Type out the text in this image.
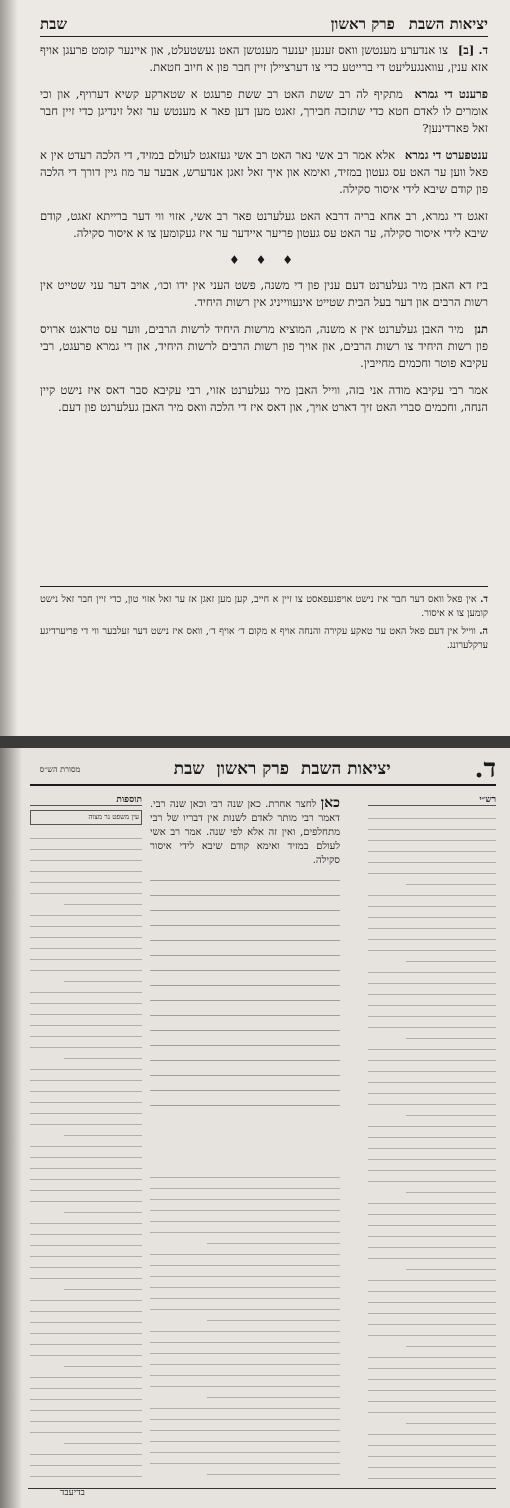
יציאות השבת
פרק ראשון
שבת

ד. [ב] צו אנדערע מענטשן וואס זענען יענער מענטשן האט נעשטעלט, און איינער קומט פרעגן אויף אזא ענין, עוואנגעליעט די ברייטע כדי צו דערציילן זיין חבר פון א חיוב חטאת.

פרענט די גמרא מתקיף לה רב ששת האט רב ששת פרעגט א שטארקע קשיא דערויף, און וכי אומרים לו לאדם חטא כדי שתזכה חבירך, זאגט מען דען פאר א מענטש ער זאל זינדיגן כדי זיין חבר זאל פארדינען?

ענטפערט די גמרא אלא אמר רב אשי נאר האט רב אשי געזאגט לעולם במזיד, די הלכה רעדט אין א פאל ווען ער האט עס געטון במזיד, ואימא און איך זאל זאגן אנדערש, אבער ער מוז גיין דורך די הלכה פון קודם שיבא לידי איסור סקילה.

זאגט די גמרא, רב אחא בריה דרבא האט געלערנט פאר רב אשי, אזוי ווי דער ברייתא זאגט, קודם שיבא לידי איסור סקילה, ער האט עס געטון פריער איידער ער איז געקומען צו א איסור סקילה.

♦ ♦ ♦

ביז דא האבן מיר געלערנט דעם ענין פון די משנה, פשט העני אין ידו וכו׳, אויב דער עני שטייט אין רשות הרבים און דער בעל הבית שטייט אינעווייניג אין רשות היחיד.

תנן מיר האבן געלערנט אין א משנה, המוציא מרשות היחיד לרשות הרבים, ווער עס טראגט ארויס פון רשות היחיד צו רשות הרבים, און אויך פון רשות הרבים לרשות היחיד, און די גמרא פרעגט, רבי עקיבא פוטר וחכמים מחייבין.

אמר רבי עקיבא מודה אני בזה, ווייל האבן מיר געלערנט אזוי, רבי עקיבא סבר דאס איז נישט קיין הנחה, וחכמים סברי האט זיך דארט אויך, און דאס איז די הלכה וואס מיר האבן געלערנט פון דעם.

ד. אין פאל וואס דער חבר איז נישט אויפגעפאסט צו זיין א חייב, קען מען זאגן אז ער זאל אזוי טון, כדי זיין חבר זאל נישט קומען צו א איסור.
ה. ווייל אין דעם פאל האט ער טאקע עקירה והנחה אויף א מקום ד׳ אויף ד׳, וואס איז נישט דער זעלבער ווי די פריערדיגע ערקלערונג.
ד.
יציאות השבת
פרק ראשון
שבת
מסורת הש״ס
רש״י
תוספות
עין משפט נר מצוה
כאן לחצר אחרת. כאן שנה רבי וכאן שנה רבי. דאמר רבי מותר לאדם לשנות אין דבריו של רבי מתחלפים, ואין זה אלא לפי שנה. אמר רב אשי לעולם במזיד ואימא קודם שיבא לידי איסור סקילה.
בדיעבד
